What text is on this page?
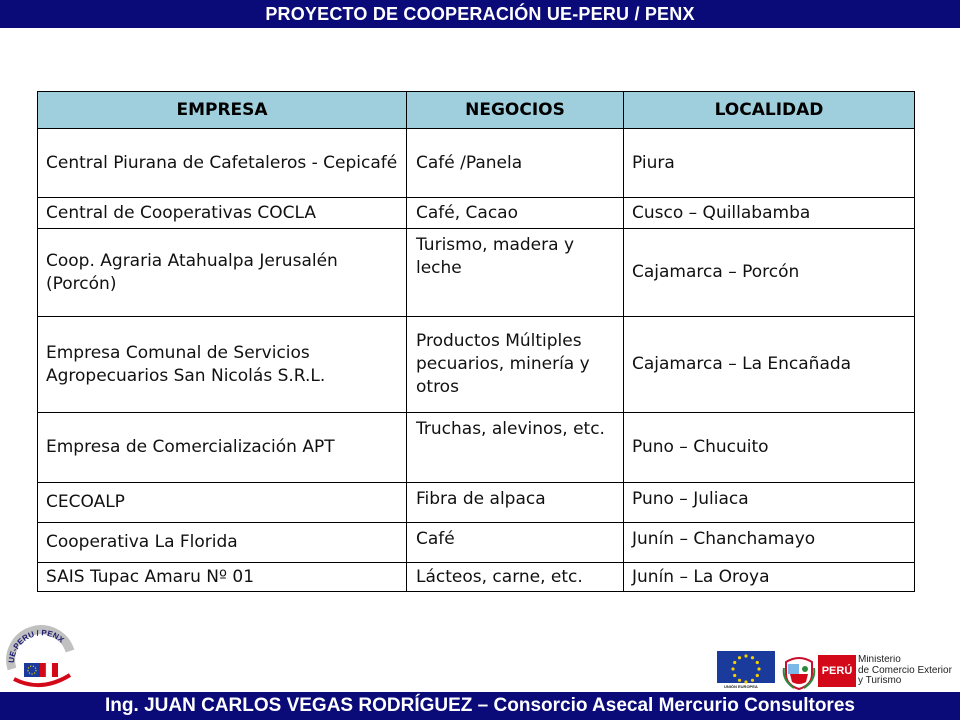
PROYECTO DE COOPERACIÓN UE-PERU / PENX
EMPRESA	NEGOCIOS	LOCALIDAD
Central Piurana de Cafetaleros - Cepicafé	Café /Panela	Piura
Central de Cooperativas COCLA	Café, Cacao	Cusco – Quillabamba
Coop. Agraria Atahualpa Jerusalén (Porcón)	Turismo, madera y leche	Cajamarca – Porcón
Empresa Comunal de Servicios Agropecuarios San Nicolás S.R.L.	Productos Múltiples pecuarios, minería y otros	Cajamarca – La Encañada
Empresa de Comercialización APT	Truchas, alevinos, etc.	Puno – Chucuito
CECOALP	Fibra de alpaca	Puno – Juliaca
Cooperativa La Florida	Café	Junín – Chanchamayo
SAIS Tupac Amaru Nº 01	Lácteos, carne, etc.	Junín – La Oroya
UE-PERU / PENX
UNIÓN EUROPEA
PERÚ
Ministerio
de Comercio Exterior
y Turismo
Ing. JUAN CARLOS VEGAS RODRÍGUEZ – Consorcio Asecal Mercurio Consultores
